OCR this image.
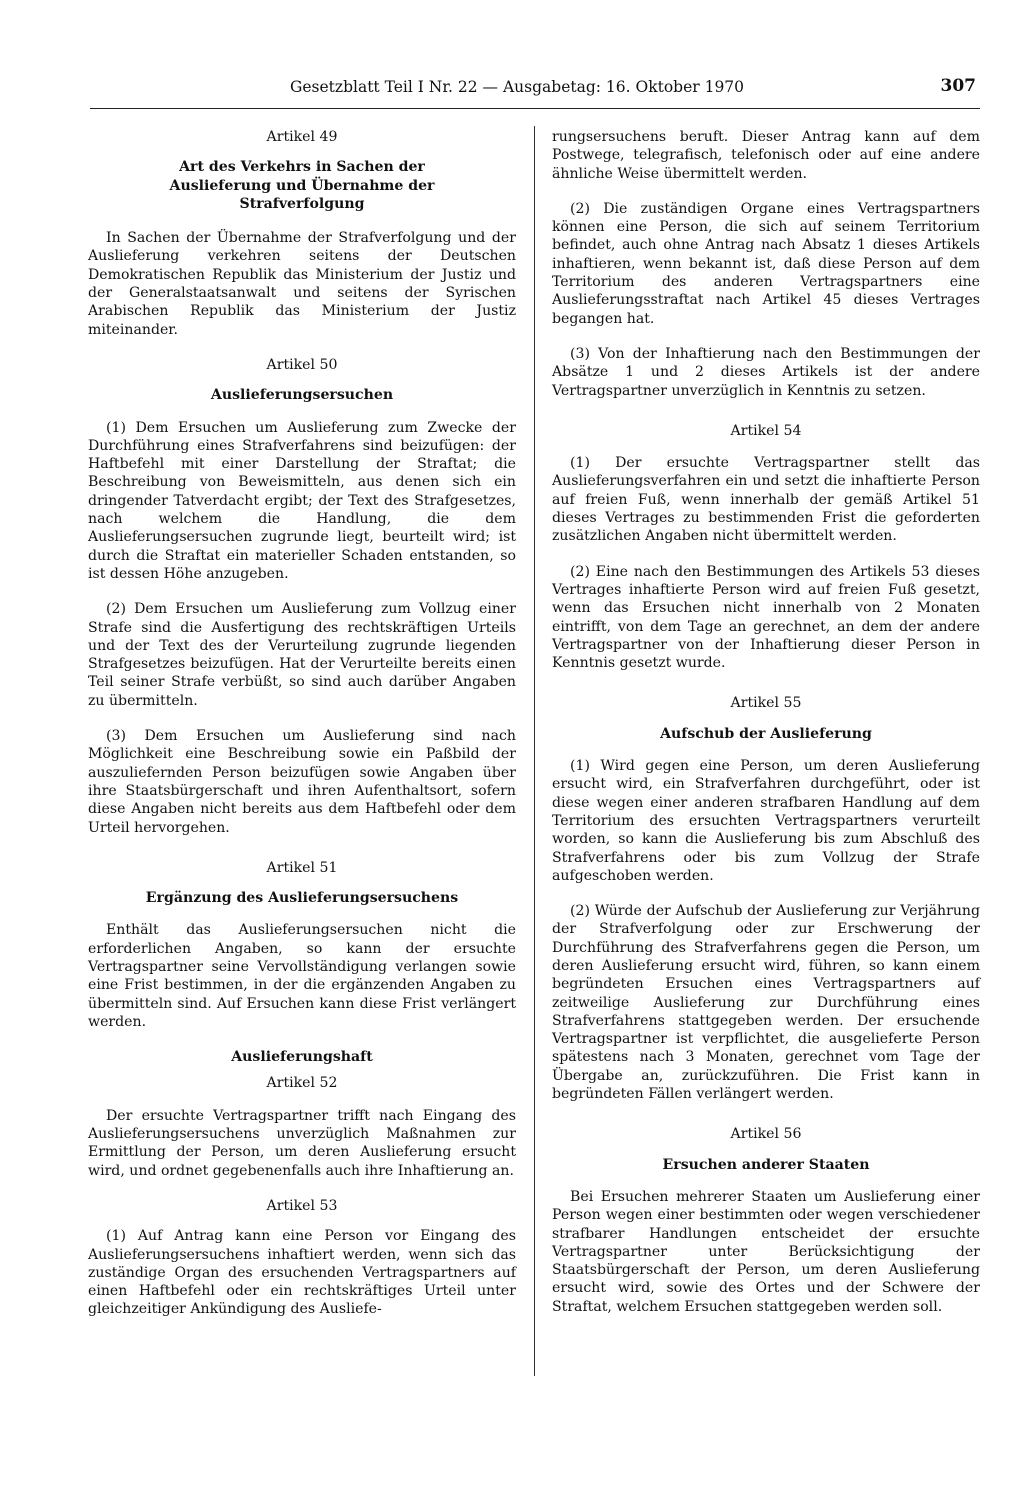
Gesetzblatt Teil I Nr. 22 — Ausgabetag: 16. Oktober 1970	307
Artikel 49
Art des Verkehrs in Sachen der Auslieferung und Übernahme der Strafverfolgung

In Sachen der Übernahme der Strafverfolgung und der Auslieferung verkehren seitens der Deutschen Demokratischen Republik das Ministerium der Justiz und der Generalstaatsanwalt und seitens der Syrischen Arabischen Republik das Ministerium der Justiz miteinander.

Artikel 50
Auslieferungsersuchen

(1) Dem Ersuchen um Auslieferung zum Zwecke der Durchführung eines Strafverfahrens sind beizufügen: der Haftbefehl mit einer Darstellung der Straftat; die Beschreibung von Beweismitteln, aus denen sich ein dringender Tatverdacht ergibt; der Text des Strafgesetzes, nach welchem die Handlung, die dem Auslieferungsersuchen zugrunde liegt, beurteilt wird; ist durch die Straftat ein materieller Schaden entstanden, so ist dessen Höhe anzugeben.

(2) Dem Ersuchen um Auslieferung zum Vollzug einer Strafe sind die Ausfertigung des rechtskräftigen Urteils und der Text des der Verurteilung zugrunde liegenden Strafgesetzes beizufügen. Hat der Verurteilte bereits einen Teil seiner Strafe verbüßt, so sind auch darüber Angaben zu übermitteln.

(3) Dem Ersuchen um Auslieferung sind nach Möglichkeit eine Beschreibung sowie ein Paßbild der auszuliefernden Person beizufügen sowie Angaben über ihre Staatsbürgerschaft und ihren Aufenthaltsort, sofern diese Angaben nicht bereits aus dem Haftbefehl oder dem Urteil hervorgehen.

Artikel 51
Ergänzung des Auslieferungsersuchens

Enthält das Auslieferungsersuchen nicht die erforderlichen Angaben, so kann der ersuchte Vertragspartner seine Vervollständigung verlangen sowie eine Frist bestimmen, in der die ergänzenden Angaben zu übermitteln sind. Auf Ersuchen kann diese Frist verlängert werden.

Auslieferungshaft
Artikel 52

Der ersuchte Vertragspartner trifft nach Eingang des Auslieferungsersuchens unverzüglich Maßnahmen zur Ermittlung der Person, um deren Auslieferung ersucht wird, und ordnet gegebenenfalls auch ihre Inhaftierung an.

Artikel 53

(1) Auf Antrag kann eine Person vor Eingang des Auslieferungsersuchens inhaftiert werden, wenn sich das zuständige Organ des ersuchenden Vertragspartners auf einen Haftbefehl oder ein rechtskräftiges Urteil unter gleichzeitiger Ankündigung des Ausliefe-

rungsersuchens beruft. Dieser Antrag kann auf dem Postwege, telegrafisch, telefonisch oder auf eine andere ähnliche Weise übermittelt werden.

(2) Die zuständigen Organe eines Vertragspartners können eine Person, die sich auf seinem Territorium befindet, auch ohne Antrag nach Absatz 1 dieses Artikels inhaftieren, wenn bekannt ist, daß diese Person auf dem Territorium des anderen Vertragspartners eine Auslieferungsstraftat nach Artikel 45 dieses Vertrages begangen hat.

(3) Von der Inhaftierung nach den Bestimmungen der Absätze 1 und 2 dieses Artikels ist der andere Vertragspartner unverzüglich in Kenntnis zu setzen.

Artikel 54

(1) Der ersuchte Vertragspartner stellt das Auslieferungsverfahren ein und setzt die inhaftierte Person auf freien Fuß, wenn innerhalb der gemäß Artikel 51 dieses Vertrages zu bestimmenden Frist die geforderten zusätzlichen Angaben nicht übermittelt werden.

(2) Eine nach den Bestimmungen des Artikels 53 dieses Vertrages inhaftierte Person wird auf freien Fuß gesetzt, wenn das Ersuchen nicht innerhalb von 2 Monaten eintrifft, von dem Tage an gerechnet, an dem der andere Vertragspartner von der Inhaftierung dieser Person in Kenntnis gesetzt wurde.

Artikel 55
Aufschub der Auslieferung

(1) Wird gegen eine Person, um deren Auslieferung ersucht wird, ein Strafverfahren durchgeführt, oder ist diese wegen einer anderen strafbaren Handlung auf dem Territorium des ersuchten Vertragspartners verurteilt worden, so kann die Auslieferung bis zum Abschluß des Strafverfahrens oder bis zum Vollzug der Strafe aufgeschoben werden.

(2) Würde der Aufschub der Auslieferung zur Verjährung der Strafverfolgung oder zur Erschwerung der Durchführung des Strafverfahrens gegen die Person, um deren Auslieferung ersucht wird, führen, so kann einem begründeten Ersuchen eines Vertragspartners auf zeitweilige Auslieferung zur Durchführung eines Strafverfahrens stattgegeben werden. Der ersuchende Vertragspartner ist verpflichtet, die ausgelieferte Person spätestens nach 3 Monaten, gerechnet vom Tage der Übergabe an, zurückzuführen. Die Frist kann in begründeten Fällen verlängert werden.

Artikel 56
Ersuchen anderer Staaten

Bei Ersuchen mehrerer Staaten um Auslieferung einer Person wegen einer bestimmten oder wegen verschiedener strafbarer Handlungen entscheidet der ersuchte Vertragspartner unter Berücksichtigung der Staatsbürgerschaft der Person, um deren Auslieferung ersucht wird, sowie des Ortes und der Schwere der Straftat, welchem Ersuchen stattgegeben werden soll.
